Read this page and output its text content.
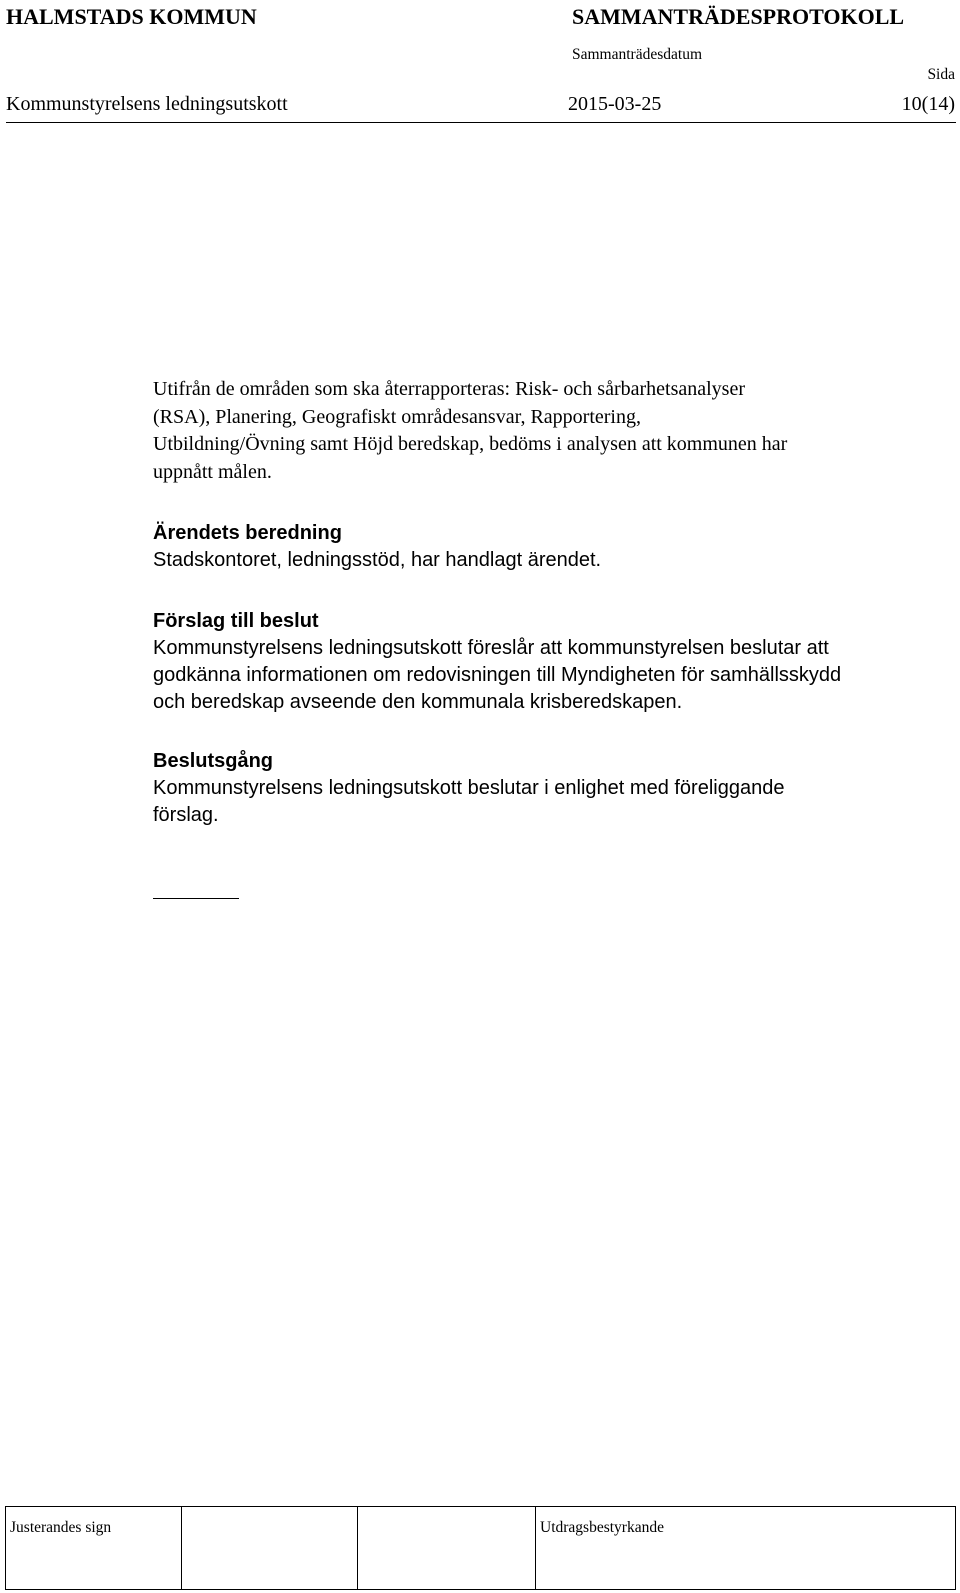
HALMSTADS KOMMUN	SAMMANTRÄDESPROTOKOLL
Sammanträdesdatum
Sida
Kommunstyrelsens ledningsutskott	2015-03-25	10(14)

Utifrån de områden som ska återrapporteras: Risk- och sårbarhetsanalyser
(RSA), Planering, Geografiskt områdesansvar, Rapportering,
Utbildning/Övning samt Höjd beredskap, bedöms i analysen att kommunen har
uppnått målen.

Ärendets beredning

Stadskontoret, ledningsstöd, har handlagt ärendet.

Förslag till beslut

Kommunstyrelsens ledningsutskott föreslår att kommunstyrelsen beslutar att
godkänna informationen om redovisningen till Myndigheten för samhällsskydd
och beredskap avseende den kommunala krisberedskapen.

Beslutsgång

Kommunstyrelsens ledningsutskott beslutar i enlighet med föreliggande
förslag.

Justerandes sign	Utdragsbestyrkande
